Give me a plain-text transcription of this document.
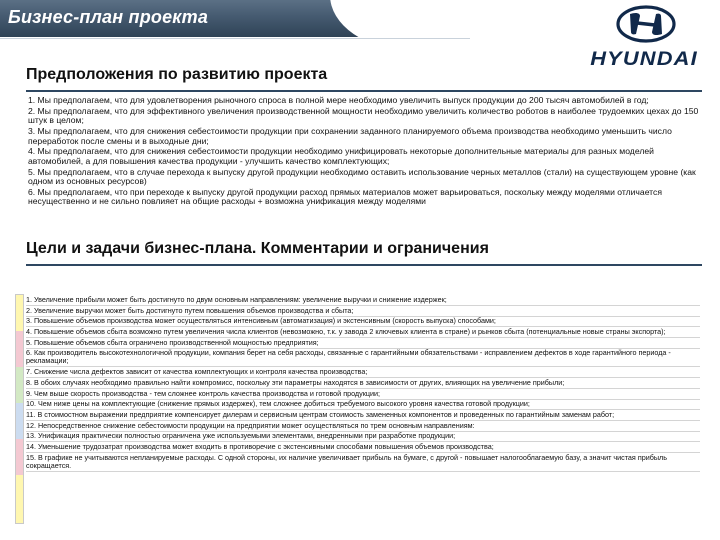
Бизнес-план проекта
HYUNDAI
Предположения по развитию проекта
1. Мы предполагаем, что для удовлетворения рыночного спроса в полной мере необходимо увеличить выпуск продукции до 200 тысяч автомобилей в год;
2. Мы предполагаем, что для эффективного увеличения производственной мощности необходимо увеличить количество роботов в наиболее трудоемких цехах до 150 штук в целом;
3. Мы предполагаем, что для снижения себестоимости продукции при сохранении заданного планируемого объема производства необходимо уменьшить число переработок после смены и в выходные дни;
4. Мы предполагаем, что для снижения себестоимости продукции необходимо унифицировать некоторые дополнительные материалы для разных моделей автомобилей, а для повышения качества продукции - улучшить качество комплектующих;
5. Мы предполагаем, что в случае перехода к выпуску другой продукции необходимо оставить использование черных металлов (стали) на существующем уровне (как одном из основных ресурсов)
6. Мы предполагаем, что при переходе к выпуску другой продукции расход прямых материалов может варьироваться, поскольку между моделями отличается несущественно и не сильно повлияет на общие расходы + возможна унификация между моделями
Цели и задачи бизнес-плана. Комментарии и ограничения
1. Увеличение прибыли может быть достигнуто по двум основным направлениям: увеличение выручки и снижение издержек;
2. Увеличение выручки может быть достигнуто путем повышения объемов производства и сбыта;
3. Повышение объемов производства может осуществляться интенсивным (автоматизация) и экстенсивным (скорость выпуска) способами;
4. Повышение объемов сбыта возможно путем увеличения числа клиентов (невозможно, т.к. у завода 2 ключевых клиента в стране) и рынков сбыта (потенциальные новые страны экспорта);
5. Повышение объемов сбыта ограничено производственной мощностью предприятия;
6. Как производитель высокотехнологичной продукции, компания берет на себя расходы, связанные с гарантийными обязательствами - исправлением дефектов в ходе гарантийного периода - рекламации;
7. Снижение числа дефектов зависит от качества комплектующих и контроля качества производства;
8. В обоих случаях необходимо правильно найти компромисс, поскольку эти параметры находятся в зависимости от других, влияющих на увеличение прибыли;
9. Чем выше скорость производства - тем сложнее контроль качества производства и готовой продукции;
10. Чем ниже цены на комплектующие (снижение прямых издержек), тем сложнее добиться требуемого высокого уровня качества готовой продукции;
11. В стоимостном выражении предприятие компенсирует дилерам и сервисным центрам стоимость замененных компонентов и проведенных по гарантийным заменам работ;
12. Непосредственное снижение себестоимости продукции на предприятии может осуществляться по трем основным направлениям:
13. Унификация практически полностью ограничена уже используемыми элементами, внедренными при разработке продукции;
14. Уменьшение трудозатрат производства может входить в противоречие с экстенсивными способами повышения объемов производства;
15. В графике не учитываются непланируемые расходы. С одной стороны, их наличие увеличивает прибыль на бумаге, с другой - повышает налогооблагаемую базу, а значит чистая прибыль сокращается.
